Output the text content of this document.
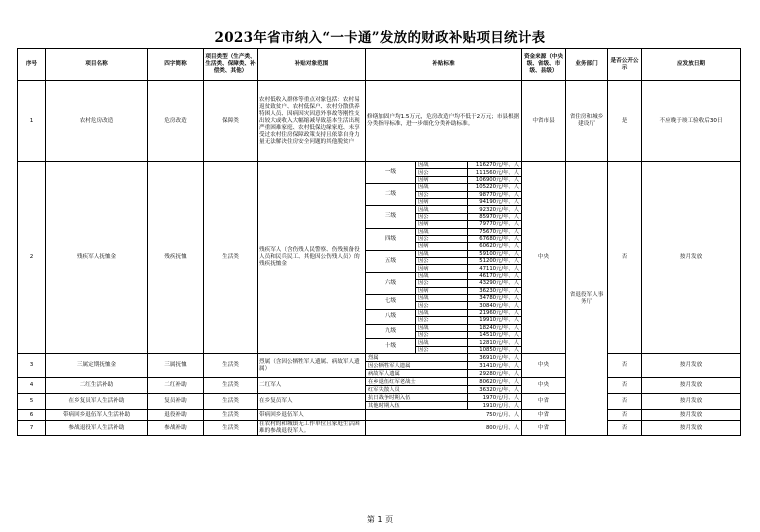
2023年省市纳入“一卡通”发放的财政补贴项目统计表
序号	项目名称	四字简称	项目类型（生产类、生活类、保障类、补偿类、其他）	补贴对象范围	补贴标准			资金来源（中央级、省级、市级、县级）	业务部门	是否公开公示	应发放日期
1	农村危房改造	危房改造	保障类	农村低收入群体等重点对象包括：农村易返贫致贫户、农村低保户、农村分散供养特困人员、因病因灾因意外事故等刚性支出较大或收入大幅缩减导致基本生活出现严重困难家庭、农村低保边缘家庭、未享受过农村住房保障政策支持且依靠自身力量无法解决住房安全问题的其他脱贫户	修缮加固户均1.5万元，危房改造户均不低于2万元；市县根据分类指导标准，进一步细化分类补助标准。			中省市县	省住房和城乡建设厅	是	不应晚于竣工验收后30日
2	残疾军人抚恤金	残疾抚恤	生活类	残疾军人（含伤残人民警察、伤残预备役人员和民兵民工、其他因公伤残人员）的残疾抚恤金	一级	因战	116270元/年、人	中央	省退役军人事务厅	否	按月发放
						因公	111560元/年、人				
						因病	106900元/年、人				
					二级	因战	105220元/年、人				
						因公	98770元/年、人				
						因病	94190元/年、人				
					三级	因战	92320元/年、人				
						因公	85970元/年、人				
						因病	79770元/年、人				
					四级	因战	75670元/年、人				
						因公	67680元/年、人				
						因病	60620元/年、人				
					五级	因战	59100元/年、人				
						因公	51200元/年、人				
						因病	47110元/年、人				
					六级	因战	46170元/年、人				
						因公	43290元/年、人				
						因病	36230元/年、人				
					七级	因战	34780元/年、人				
						因公	30840元/年、人				
					八级	因战	21960元/年、人				
						因公	19910元/年、人				
					九级	因战	18240元/年、人				
						因公	14510元/年、人				
					十级	因战	12810元/年、人				
						因公	10850元/年、人				
3	三属定期抚恤金	三属抚恤	生活类	烈属（含因公牺牲军人遗属、病故军人遗属）	烈属		36910元/年、人	中央		否	按月发放
					因公牺牲军人遗属		31410元/年、人				
					病故军人遗属		29280元/年、人				
4	二红生活补助	二红补助	生活类	二红军人	在乡退伍红军老战士		80620元/年、人	中央		否	按月发放
					红军失散人员		36320元/年、人				
5	在乡复员军人生活补助	复员补助	生活类	在乡复员军人	抗日战争时期入伍		1970元/月、人	中省		否	按月发放
					其他时期入伍		1910元/月、人				
6	带病回乡退伍军人生活补助	退役补助	生活类	带病回乡退伍军人	750元/月、人			中省		否	按月发放
7	参战退役军人生活补助	参战补助	生活类	在农村的和城镇无工作单位且家庭生活困难的参战退役军人。	800元/月、人			中省		否	按月发放
第 1 页
